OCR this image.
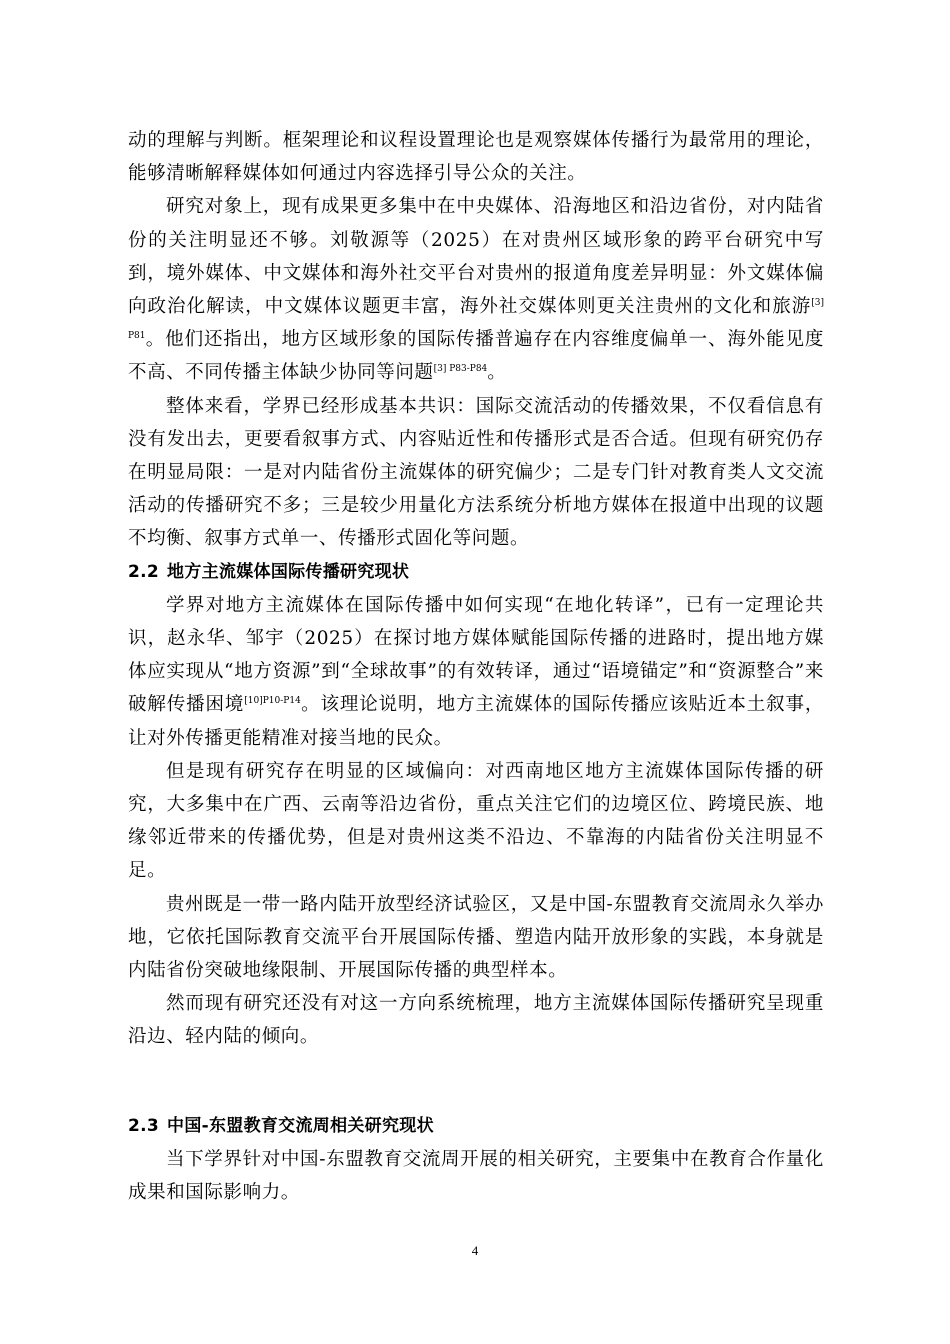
动的理解与判断。框架理论和议程设置理论也是观察媒体传播行为最常用的理论，能够清晰解释媒体如何通过内容选择引导公众的关注。

研究对象上，现有成果更多集中在中央媒体、沿海地区和沿边省份，对内陆省份的关注明显还不够。刘敬源等（2025）在对贵州区域形象的跨平台研究中写到，境外媒体、中文媒体和海外社交平台对贵州的报道角度差异明显：外文媒体偏向政治化解读，中文媒体议题更丰富，海外社交媒体则更关注贵州的文化和旅游$^{[3] P81}$。他们还指出，地方区域形象的国际传播普遍存在内容维度偏单一、海外能见度不高、不同传播主体缺少协同等问题$^{[3] P83-P84}$。

整体来看，学界已经形成基本共识：国际交流活动的传播效果，不仅看信息有没有发出去，更要看叙事方式、内容贴近性和传播形式是否合适。但现有研究仍存在明显局限：一是对内陆省份主流媒体的研究偏少；二是专门针对教育类人文交流活动的传播研究不多；三是较少用量化方法系统分析地方媒体在报道中出现的议题不均衡、叙事方式单一、传播形式固化等问题。

2.2 地方主流媒体国际传播研究现状

学界对地方主流媒体在国际传播中如何实现“在地化转译”，已有一定理论共识，赵永华、邹宇（2025）在探讨地方媒体赋能国际传播的进路时，提出地方媒体应实现从“地方资源”到“全球故事”的有效转译，通过“语境锚定”和“资源整合”来破解传播困境$^{[10]P10-P14}$。该理论说明，地方主流媒体的国际传播应该贴近本土叙事，让对外传播更能精准对接当地的民众。

但是现有研究存在明显的区域偏向：对西南地区地方主流媒体国际传播的研究，大多集中在广西、云南等沿边省份，重点关注它们的边境区位、跨境民族、地缘邻近带来的传播优势，但是对贵州这类不沿边、不靠海的内陆省份关注明显不足。

贵州既是一带一路内陆开放型经济试验区，又是中国-东盟教育交流周永久举办地，它依托国际教育交流平台开展国际传播、塑造内陆开放形象的实践，本身就是内陆省份突破地缘限制、开展国际传播的典型样本。

然而现有研究还没有对这一方向系统梳理，地方主流媒体国际传播研究呈现重沿边、轻内陆的倾向。

2.3 中国-东盟教育交流周相关研究现状

当下学界针对中国-东盟教育交流周开展的相关研究，主要集中在教育合作量化成果和国际影响力。

4
